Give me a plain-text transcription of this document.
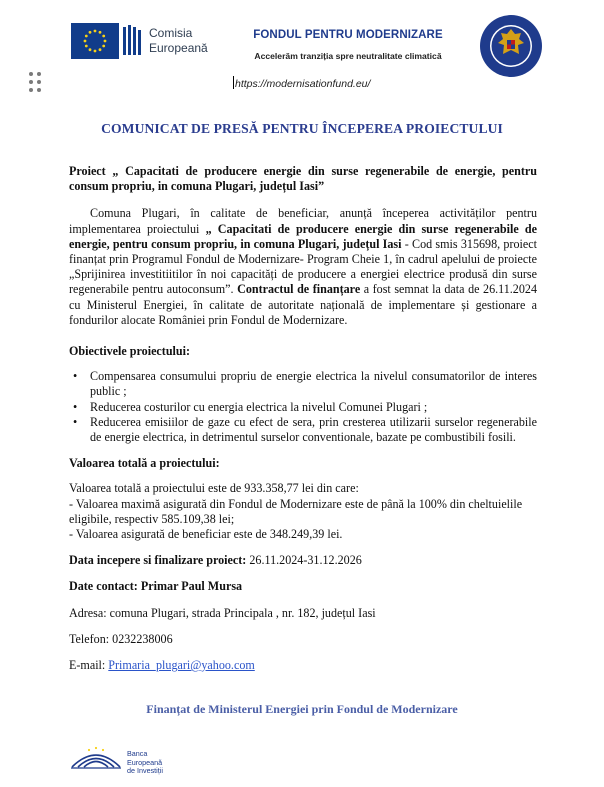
Comisia
Europeană
FONDUL PENTRU MODERNIZARE
Accelerăm tranziția spre neutralitate climatică
https://modernisationfund.eu/
COMUNICAT DE PRESĂ PENTRU ÎNCEPEREA PROIECTULUI
Proiect „ Capacitati de producere energie din surse regenerabile de energie, pentru consum propriu, in comuna Plugari, județul Iasi”

Comuna Plugari, în calitate de beneficiar, anunță începerea activităților pentru implementarea proiectului „ Capacitati de producere energie din surse regenerabile de energie, pentru consum propriu, in comuna Plugari, județul Iasi - Cod smis 315698, proiect finanțat prin Programul Fondul de Modernizare- Program Cheie 1, în cadrul apelului de proiecte „Sprijinirea investitiitilor în noi capacități de producere a energiei electrice produsă din surse regenerabile pentru autoconsum”. Contractul de finanțare a fost semnat la data de 26.11.2024 cu Ministerul Energiei, în calitate de autoritate națională de implementare și gestionare a fondurilor alocate României prin Fondul de Modernizare.

Obiectivele proiectului:
• Compensarea consumului propriu de energie electrica la nivelul consumatorilor de interes public ;
• Reducerea costurilor cu energia electrica la nivelul Comunei Plugari ;
• Reducerea emisiilor de gaze cu efect de sera, prin cresterea utilizarii surselor regenerabile de energie electrica, in detrimentul surselor conventionale, bazate pe combustibili fosili.
Valoarea totală a proiectului:
Valoarea totală a proiectului este de 933.358,77 lei din care:
- Valoarea maximă asigurată din Fondul de Modernizare este de până la 100% din cheltuielile eligibile, respectiv 585.109,38 lei;
- Valoarea asigurată de beneficiar este de 348.249,39 lei.
Data incepere si finalizare proiect: 26.11.2024-31.12.2026
Date contact: Primar Paul Mursa
Adresa: comuna Plugari, strada Principala , nr. 182, județul Iasi
Telefon: 0232238006
E-mail: Primaria_plugari@yahoo.com
Finanțat de Ministerul Energiei prin Fondul de Modernizare
Banca Europeană
de Investiții
